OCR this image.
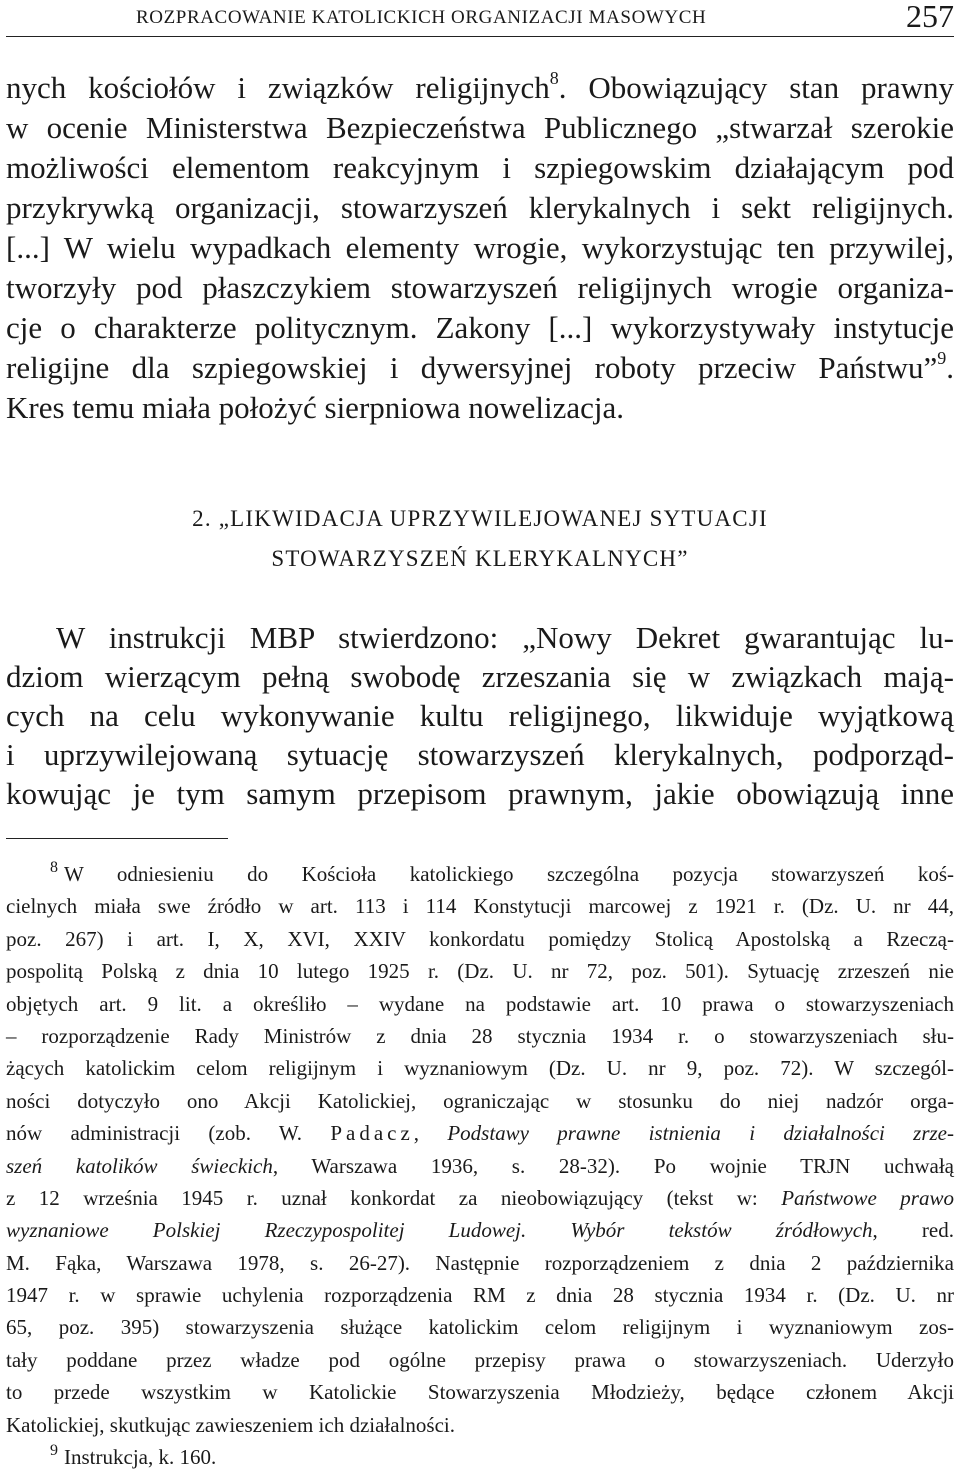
ROZPRACOWANIE KATOLICKICH ORGANIZACJI MASOWYCH	257
nych kościołów i związków religijnych$^8$. Obowiązujący stan prawny
w ocenie Ministerstwa Bezpieczeństwa Publicznego „stwarzał szerokie
możliwości elementom reakcyjnym i szpiegowskim działającym pod
przykrywką organizacji, stowarzyszeń klerykalnych i sekt religijnych.
[...] W wielu wypadkach elementy wrogie, wykorzystując ten przywilej,
tworzyły pod płaszczykiem stowarzyszeń religijnych wrogie organiza-
cje o charakterze politycznym. Zakony [...] wykorzystywały instytucje
religijne dla szpiegowskiej i dywersyjnej roboty przeciw Państwu”$^9$.
Kres temu miała położyć sierpniowa nowelizacja.
2. „LIKWIDACJA UPRZYWILEJOWANEJ SYTUACJI
STOWARZYSZEŃ KLERYKALNYCH”
W instrukcji MBP stwierdzono: „Nowy Dekret gwarantując lu-
dziom wierzącym pełną swobodę zrzeszania się w związkach mają-
cych na celu wykonywanie kultu religijnego, likwiduje wyjątkową
i uprzywilejowaną sytuację stowarzyszeń klerykalnych, podporząd-
kowując je tym samym przepisom prawnym, jakie obowiązują inne
$^8$ W odniesieniu do Kościoła katolickiego szczególna pozycja stowarzyszeń koś-
cielnych miała swe źródło w art. 113 i 114 Konstytucji marcowej z 1921 r. (Dz. U. nr 44,
poz. 267) i art. I, X, XVI, XXIV konkordatu pomiędzy Stolicą Apostolską a Rzeczą-
pospolitą Polską z dnia 10 lutego 1925 r. (Dz. U. nr 72, poz. 501). Sytuację zrzeszeń nie
objętych art. 9 lit. a określiło – wydane na podstawie art. 10 prawa o stowarzyszeniach
– rozporządzenie Rady Ministrów z dnia 28 stycznia 1934 r. o stowarzyszeniach słu-
żących katolickim celom religijnym i wyznaniowym (Dz. U. nr 9, poz. 72). W szczegól-
ności dotyczyło ono Akcji Katolickiej, ograniczając w stosunku do niej nadzór orga-
nów administracji (zob. W. Padacz, Podstawy prawne istnienia i działalności zrze-
szeń katolików świeckich, Warszawa 1936, s. 28-32). Po wojnie TRJN uchwałą
z 12 września 1945 r. uznał konkordat za nieobowiązujący (tekst w: Państwowe prawo
wyznaniowe Polskiej Rzeczypospolitej Ludowej. Wybór tekstów źródłowych, red.
M. Fąka, Warszawa 1978, s. 26-27). Następnie rozporządzeniem z dnia 2 października
1947 r. w sprawie uchylenia rozporządzenia RM z dnia 28 stycznia 1934 r. (Dz. U. nr
65, poz. 395) stowarzyszenia służące katolickim celom religijnym i wyznaniowym zos-
tały poddane przez władze pod ogólne przepisy prawa o stowarzyszeniach. Uderzyło
to przede wszystkim w Katolickie Stowarzyszenia Młodzieży, będące członem Akcji
Katolickiej, skutkując zawieszeniem ich działalności.
$^9$ Instrukcja, k. 160.
